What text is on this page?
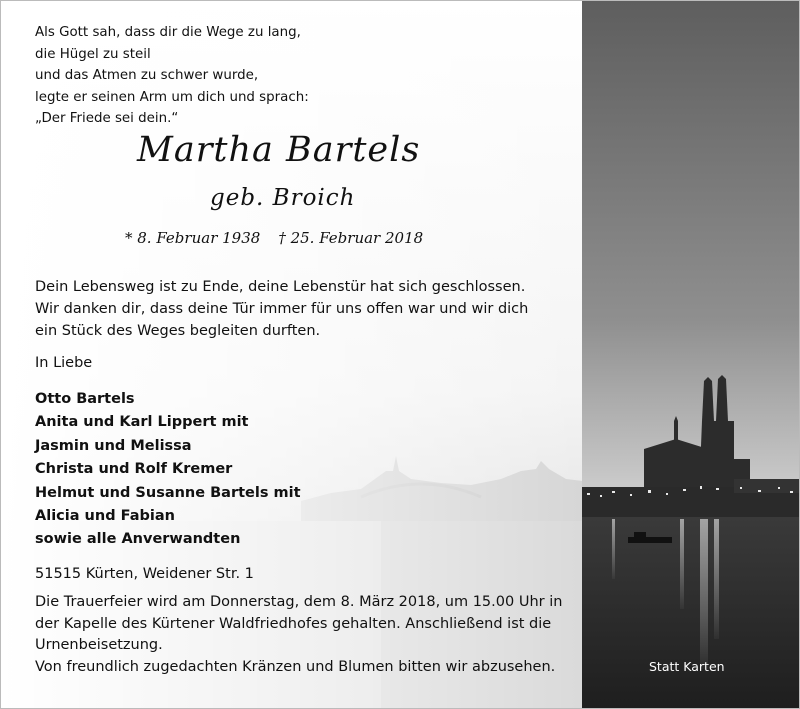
Als Gott sah, dass dir die Wege zu lang,
die Hügel zu steil
und das Atmen zu schwer wurde,
legte er seinen Arm um dich und sprach:
„Der Friede sei dein.“
Martha Bartels
geb. Broich
* 8. Februar 1938 † 25. Februar 2018
Dein Lebensweg ist zu Ende, deine Lebenstür hat sich geschlossen.
Wir danken dir, dass deine Tür immer für uns offen war und wir dich
ein Stück des Weges begleiten durften.
In Liebe
Otto Bartels
Anita und Karl Lippert mit
Jasmin und Melissa
Christa und Rolf Kremer
Helmut und Susanne Bartels mit
Alicia und Fabian
sowie alle Anverwandten
51515 Kürten, Weidener Str. 1
Die Trauerfeier wird am Donnerstag, dem 8. März 2018, um 15.00 Uhr in
der Kapelle des Kürtener Waldfriedhofes gehalten. Anschließend ist die
Urnenbeisetzung.
Von freundlich zugedachten Kränzen und Blumen bitten wir abzusehen.	Statt Karten
